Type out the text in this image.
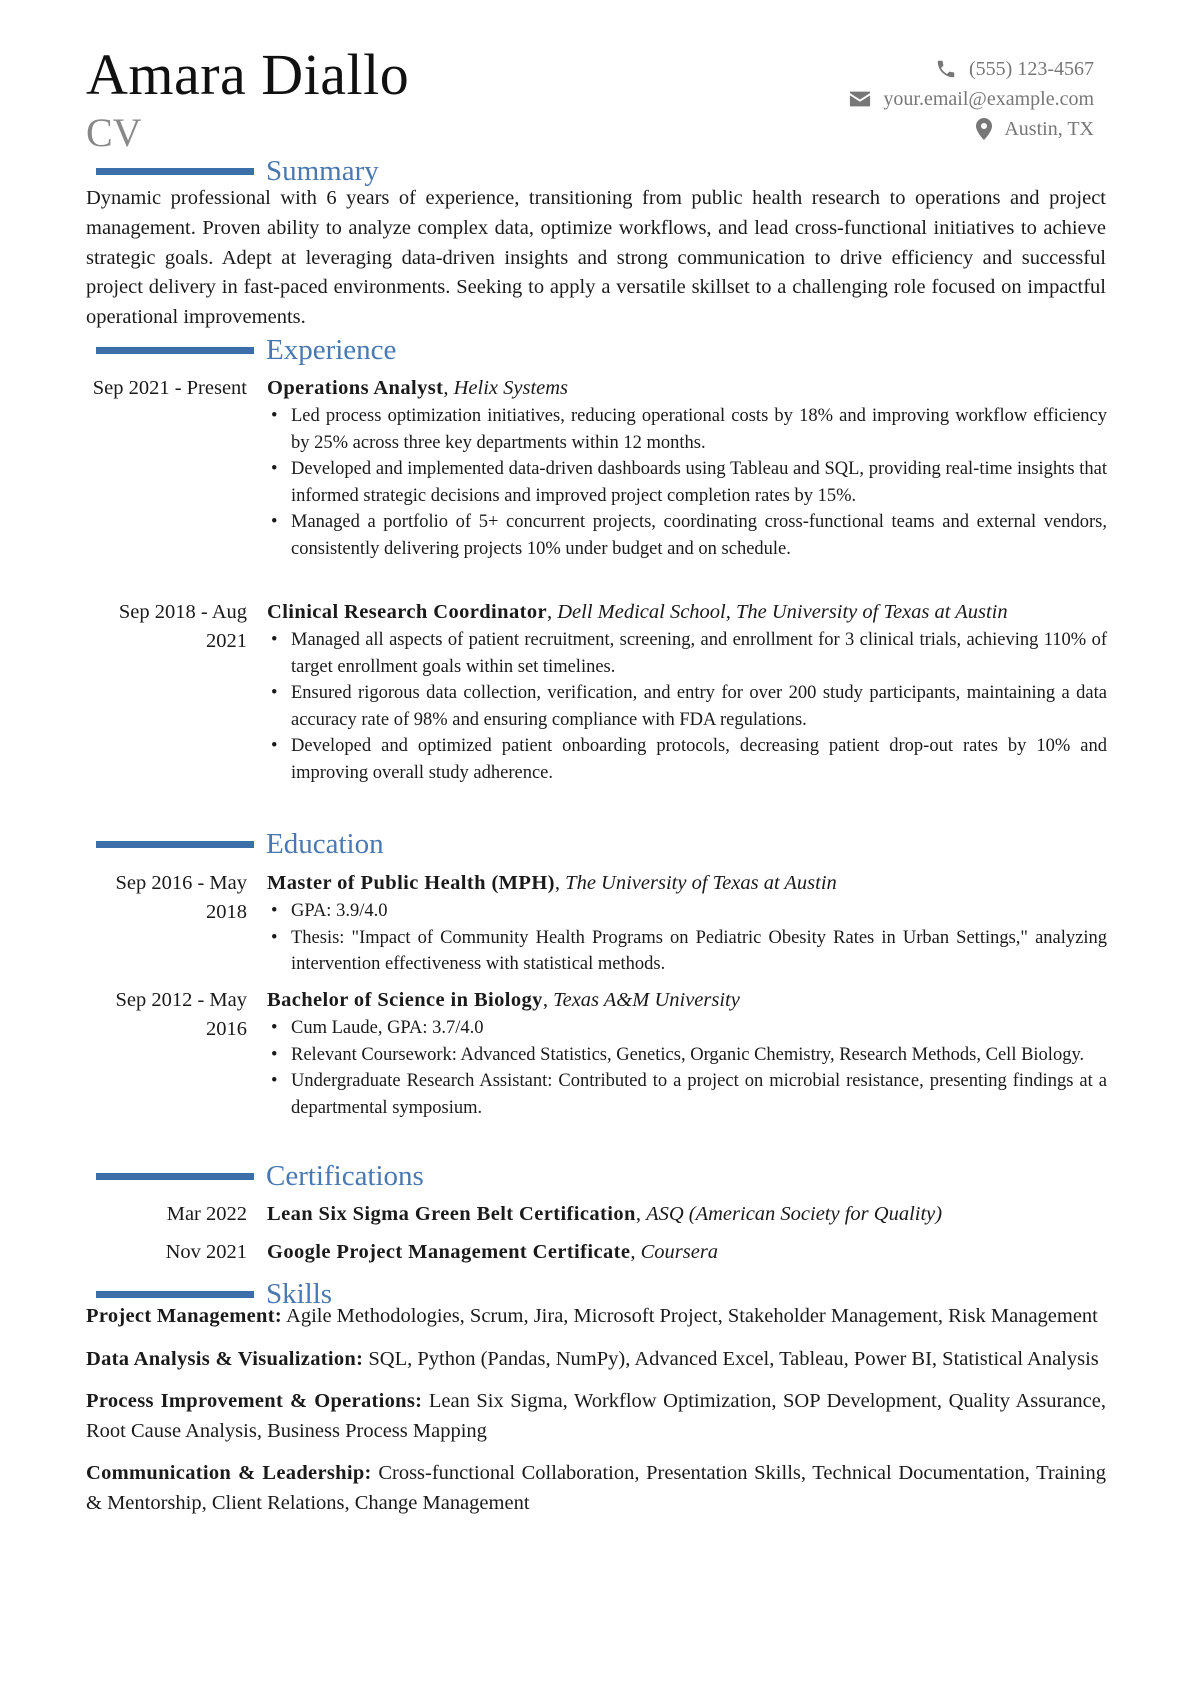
Amara Diallo
CV
(555) 123-4567
your.email@example.com
Austin, TX
Summary
Dynamic professional with 6 years of experience, transitioning from public health research to operations and project management. Proven ability to analyze complex data, optimize workflows, and lead cross-functional initiatives to achieve strategic goals. Adept at leveraging data-driven insights and strong communication to drive efficiency and successful project delivery in fast-paced environments. Seeking to apply a versatile skillset to a challenging role focused on impactful operational improvements.
Experience
Sep 2021 - Present Operations Analyst, Helix Systems
• Led process optimization initiatives, reducing operational costs by 18% and improving workflow efficiency by 25% across three key departments within 12 months.
• Developed and implemented data-driven dashboards using Tableau and SQL, providing real-time insights that informed strategic decisions and improved project completion rates by 15%.
• Managed a portfolio of 5+ concurrent projects, coordinating cross-functional teams and external vendors, consistently delivering projects 10% under budget and on schedule.
Sep 2018 - Aug 2021
Clinical Research Coordinator, Dell Medical School, The University of Texas at Austin
• Managed all aspects of patient recruitment, screening, and enrollment for 3 clinical trials, achieving 110% of target enrollment goals within set timelines.
• Ensured rigorous data collection, verification, and entry for over 200 study participants, maintaining a data accuracy rate of 98% and ensuring compliance with FDA regulations.
• Developed and optimized patient onboarding protocols, decreasing patient drop-out rates by 10% and improving overall study adherence.
Education
Sep 2016 - May 2018
Master of Public Health (MPH), The University of Texas at Austin
• GPA: 3.9/4.0
• Thesis: "Impact of Community Health Programs on Pediatric Obesity Rates in Urban Settings," analyzing intervention effectiveness with statistical methods.
Sep 2012 - May 2016
Bachelor of Science in Biology, Texas A&M University
• Cum Laude, GPA: 3.7/4.0
• Relevant Coursework: Advanced Statistics, Genetics, Organic Chemistry, Research Methods, Cell Biology.
• Undergraduate Research Assistant: Contributed to a project on microbial resistance, presenting findings at a departmental symposium.
Certifications
Mar 2022 Lean Six Sigma Green Belt Certification, ASQ (American Society for Quality)
Nov 2021 Google Project Management Certificate, Coursera
Skills
Project Management: Agile Methodologies, Scrum, Jira, Microsoft Project, Stakeholder Management, Risk Management
Data Analysis & Visualization: SQL, Python (Pandas, NumPy), Advanced Excel, Tableau, Power BI, Statistical Analysis
Process Improvement & Operations: Lean Six Sigma, Workflow Optimization, SOP Development, Quality Assurance, Root Cause Analysis, Business Process Mapping
Communication & Leadership: Cross-functional Collaboration, Presentation Skills, Technical Documentation, Training & Mentorship, Client Relations, Change Management
